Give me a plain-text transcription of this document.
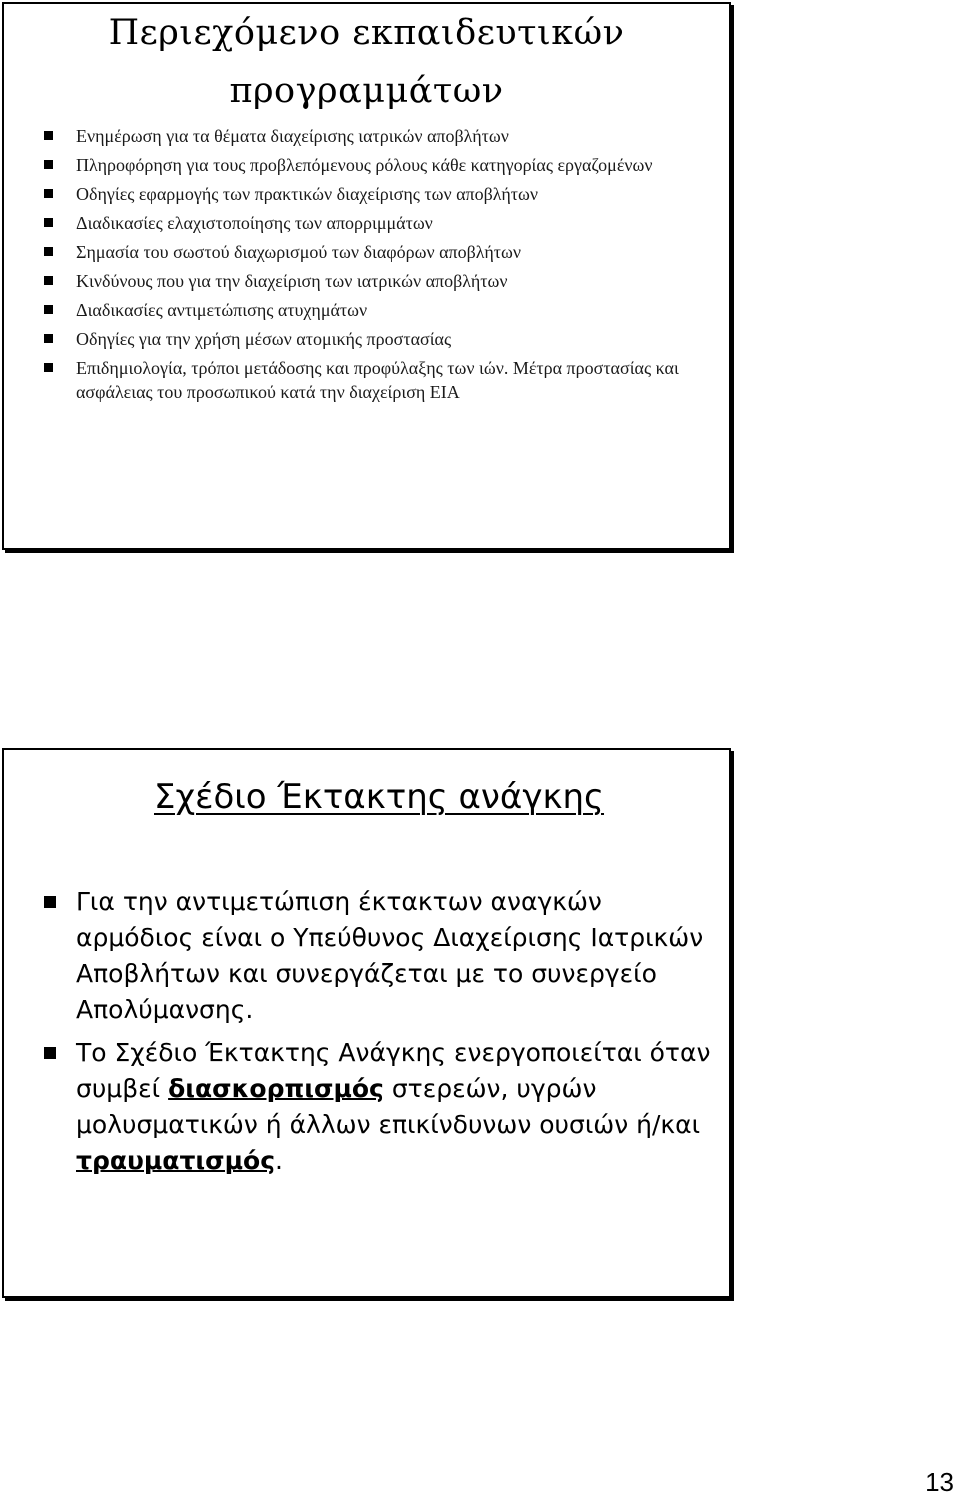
Περιεχόμενο εκπαιδευτικών προγραμμάτων
Ενημέρωση για τα θέματα διαχείρισης ιατρικών αποβλήτων
Πληροφόρηση για τους προβλεπόμενους ρόλους κάθε κατηγορίας εργαζομένων
Οδηγίες εφαρμογής των πρακτικών διαχείρισης των αποβλήτων
Διαδικασίες ελαχιστοποίησης των απορριμμάτων
Σημασία του σωστού διαχωρισμού των διαφόρων αποβλήτων
Κινδύνους που για την διαχείριση των ιατρικών αποβλήτων
Διαδικασίες αντιμετώπισης ατυχημάτων
Οδηγίες για την χρήση μέσων ατομικής προστασίας
Επιδημιολογία, τρόποι μετάδοσης και προφύλαξης των ιών. Μέτρα προστασίας και ασφάλειας του προσωπικού κατά την διαχείριση ΕΙΑ
Σχέδιο Έκτακτης ανάγκης
Για την αντιμετώπιση έκτακτων αναγκών αρμόδιος είναι ο Υπεύθυνος Διαχείρισης Ιατρικών Αποβλήτων και συνεργάζεται με το συνεργείο Απολύμανσης.
Το Σχέδιο Έκτακτης Ανάγκης ενεργοποιείται όταν συμβεί διασκορπισμός στερεών, υγρών μολυσματικών ή άλλων επικίνδυνων ουσιών ή/και τραυματισμός.
13
